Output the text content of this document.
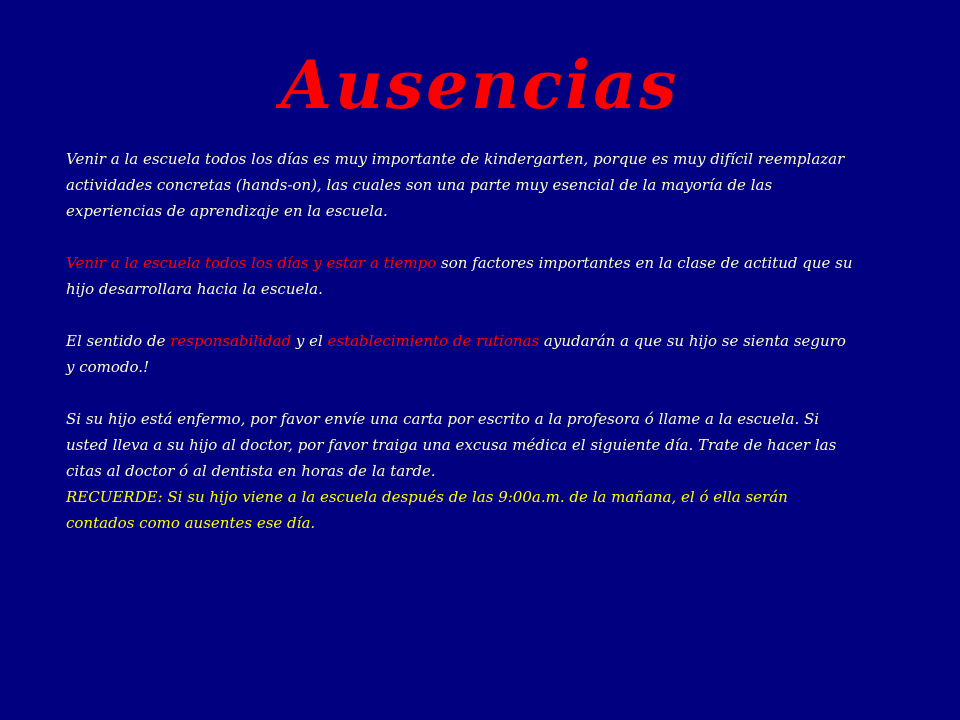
Ausencias

Venir a la escuela todos los días es muy importante de kindergarten, porque es muy difícil reemplazar actividades concretas (hands-on), las cuales son una parte muy esencial de la mayoría de las experiencias de aprendizaje en la escuela.

Venir a la escuela todos los días y estar a tiempo son factores importantes en la clase de actitud que su hijo desarrollara hacia la escuela.

El sentido de responsabilidad y el establecimiento de rutionas ayudarán a que su hijo se sienta seguro y comodo.!

Si su hijo está enfermo, por favor envíe una carta por escrito a la profesora ó llame a la escuela. Si usted lleva a su hijo al doctor, por favor traiga una excusa médica el siguiente día. Trate de hacer las citas al doctor ó al dentista en horas de la tarde.

RECUERDE: Si su hijo viene a la escuela después de las 9:00a.m. de la mañana, el ó ella serán contados como ausentes ese día.
